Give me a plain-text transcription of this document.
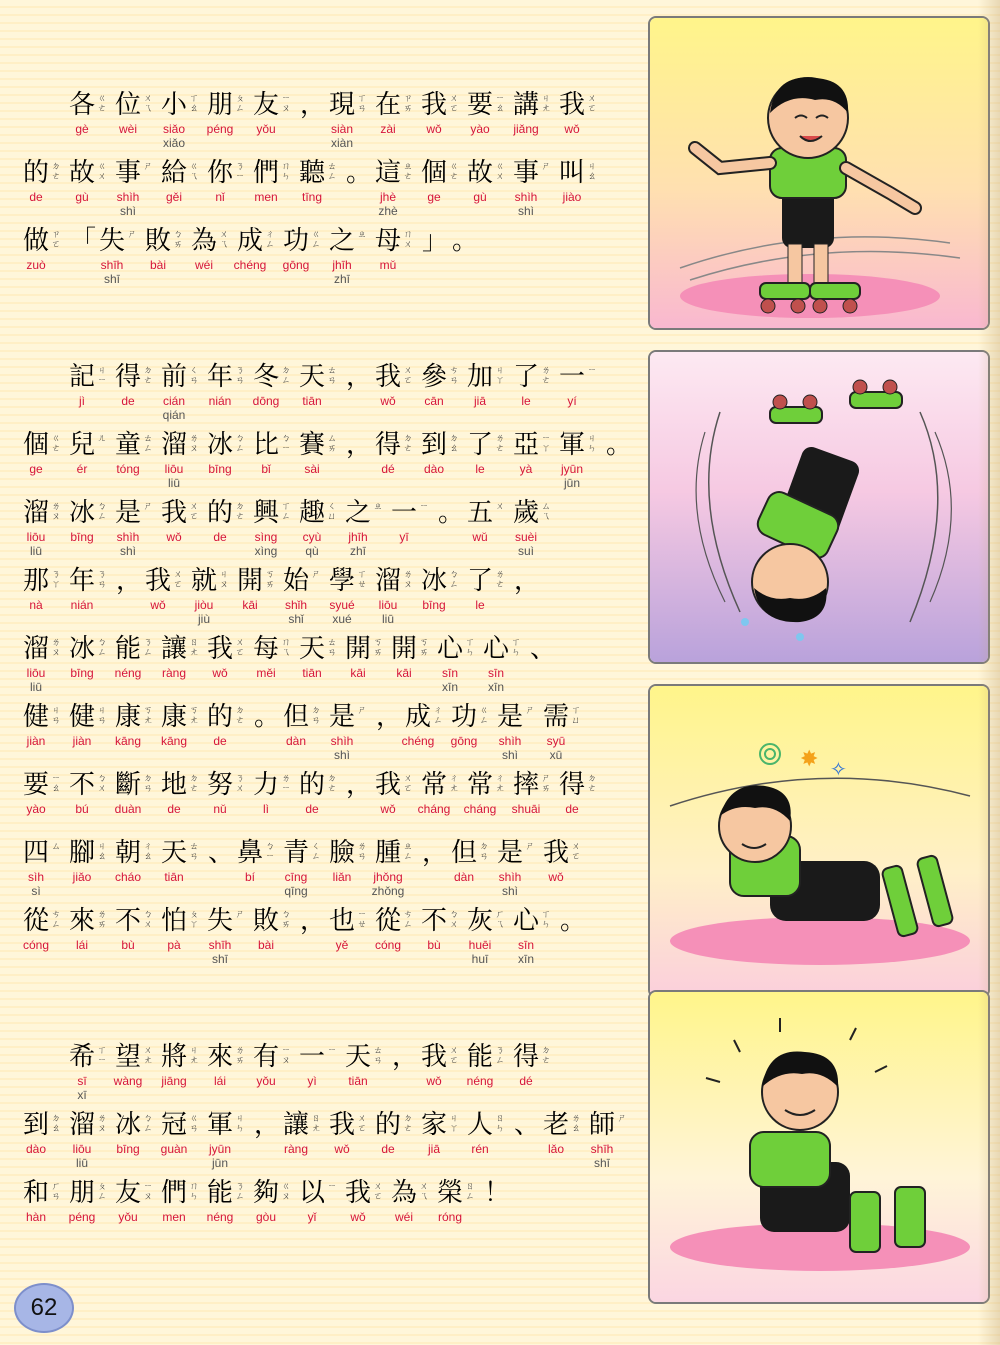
各 ㄍ
ㄜ
gè
位 ㄨ
ㄟ
wèi
小 ㄒ
ㄠ
siǎo
xiǎo
朋 ㄆ
ㄥ
péng
友 ㄧ
ㄡ
yǒu
， 現 ㄒ
ㄢ
siàn
xiàn
在 ㄗ
ㄞ
zài
我 ㄨ
ㄛ
wǒ
要 ㄧ
ㄠ
yào
講 ㄐ
ㄤ
jiǎng
我 ㄨ
ㄛ
wǒ
的 ㄉ
ㄜ
de
故 ㄍ
ㄨ
gù
事 ㄕ
shìh
shì
給 ㄍ
ㄟ
gěi
你 ㄋ
ㄧ
nǐ
們 ㄇ
ㄣ
men
聽 ㄊ
ㄥ
tīng
。 這 ㄓ
ㄜ
jhè
zhè
個 ㄍ
ㄜ
ge
故 ㄍ
ㄨ
gù
事 ㄕ
shìh
shì
叫 ㄐ
ㄠ
jiào
做 ㄗ
ㄛ
zuò
「 失 ㄕ
shīh
shī
敗 ㄅ
ㄞ
bài
為 ㄨ
ㄟ
wéi
成 ㄔ
ㄥ
chéng
功 ㄍ
ㄥ
gōng
之 ㄓ
jhīh
zhī
母 ㄇ
ㄨ
mǔ
」 。
記 ㄐ
ㄧ
jì
得 ㄉ
ㄜ
de
前 ㄑ
ㄢ
cián
qián
年 ㄋ
ㄢ
nián
冬 ㄉ
ㄥ
dōng
天 ㄊ
ㄢ
tiān
， 我 ㄨ
ㄛ
wǒ
參 ㄘ
ㄢ
cān
加 ㄐ
ㄚ
jiā
了 ㄌ
ㄜ
le
一 ㄧ
yí
個 ㄍ
ㄜ
ge
兒 ㄦ
ér
童 ㄊ
ㄥ
tóng
溜 ㄌ
ㄡ
liōu
liū
冰 ㄅ
ㄥ
bīng
比 ㄅ
ㄧ
bǐ
賽 ㄙ
ㄞ
sài
， 得 ㄉ
ㄜ
dé
到 ㄉ
ㄠ
dào
了 ㄌ
ㄜ
le
亞 ㄧ
ㄚ
yà
軍 ㄐ
ㄣ
jyūn
jūn
。
溜 ㄌ
ㄡ
liōu
liū
冰 ㄅ
ㄥ
bīng
是 ㄕ
shìh
shì
我 ㄨ
ㄛ
wǒ
的 ㄉ
ㄜ
de
興 ㄒ
ㄥ
sìng
xìng
趣 ㄑ
ㄩ
cyù
qù
之 ㄓ
jhīh
zhī
一 ㄧ
yī
。 五 ㄨ
wǔ
歲 ㄙ
ㄟ
suèi
suì
那 ㄋ
ㄚ
nà
年 ㄋ
ㄢ
nián
， 我 ㄨ
ㄛ
wǒ
就 ㄐ
ㄡ
jiòu
jiù
開 ㄎ
ㄞ
kāi
始 ㄕ
shǐh
shǐ
學 ㄒ
ㄝ
syué
xué
溜 ㄌ
ㄡ
liōu
liū
冰 ㄅ
ㄥ
bīng
了 ㄌ
ㄜ
le
，
溜 ㄌ
ㄡ
liōu
liū
冰 ㄅ
ㄥ
bīng
能 ㄋ
ㄥ
néng
讓 ㄖ
ㄤ
ràng
我 ㄨ
ㄛ
wǒ
每 ㄇ
ㄟ
měi
天 ㄊ
ㄢ
tiān
開 ㄎ
ㄞ
kāi
開 ㄎ
ㄞ
kāi
心 ㄒ
ㄣ
sīn
xīn
心 ㄒ
ㄣ
sīn
xīn
、
健 ㄐ
ㄢ
jiàn
健 ㄐ
ㄢ
jiàn
康 ㄎ
ㄤ
kāng
康 ㄎ
ㄤ
kāng
的 ㄉ
ㄜ
de
。 但 ㄉ
ㄢ
dàn
是 ㄕ
shìh
shì
， 成 ㄔ
ㄥ
chéng
功 ㄍ
ㄥ
gōng
是 ㄕ
shìh
shì
需 ㄒ
ㄩ
syū
xū
要 ㄧ
ㄠ
yào
不 ㄅ
ㄨ
bú
斷 ㄉ
ㄢ
duàn
地 ㄉ
ㄜ
de
努 ㄋ
ㄨ
nǔ
力 ㄌ
ㄧ
lì
的 ㄉ
ㄜ
de
， 我 ㄨ
ㄛ
wǒ
常 ㄔ
ㄤ
cháng
常 ㄔ
ㄤ
cháng
摔 ㄕ
ㄞ
shuāi
得 ㄉ
ㄜ
de
四 ㄙ
sìh
sì
腳 ㄐ
ㄠ
jiǎo
朝 ㄔ
ㄠ
cháo
天 ㄊ
ㄢ
tiān
、 鼻 ㄅ
ㄧ
bí
青 ㄑ
ㄥ
cīng
qīng
臉 ㄌ
ㄢ
liǎn
腫 ㄓ
ㄥ
jhǒng
zhǒng
， 但 ㄉ
ㄢ
dàn
是 ㄕ
shìh
shì
我 ㄨ
ㄛ
wǒ
從 ㄘ
ㄥ
cóng
來 ㄌ
ㄞ
lái
不 ㄅ
ㄨ
bù
怕 ㄆ
ㄚ
pà
失 ㄕ
shīh
shī
敗 ㄅ
ㄞ
bài
， 也 ㄧ
ㄝ
yě
從 ㄘ
ㄥ
cóng
不 ㄅ
ㄨ
bù
灰 ㄏ
ㄟ
huēi
huī
心 ㄒ
ㄣ
sīn
xīn
。
希 ㄒ
ㄧ
sī
xī
望 ㄨ
ㄤ
wàng
將 ㄐ
ㄤ
jiāng
來 ㄌ
ㄞ
lái
有 ㄧ
ㄡ
yǒu
一 ㄧ
yì
天 ㄊ
ㄢ
tiān
， 我 ㄨ
ㄛ
wǒ
能 ㄋ
ㄥ
néng
得 ㄉ
ㄜ
dé
到 ㄉ
ㄠ
dào
溜 ㄌ
ㄡ
liōu
liū
冰 ㄅ
ㄥ
bīng
冠 ㄍ
ㄢ
guàn
軍 ㄐ
ㄣ
jyūn
jūn
， 讓 ㄖ
ㄤ
ràng
我 ㄨ
ㄛ
wǒ
的 ㄉ
ㄜ
de
家 ㄐ
ㄚ
jiā
人 ㄖ
ㄣ
rén
、 老 ㄌ
ㄠ
lǎo
師 ㄕ
shīh
shī
和 ㄏ
ㄢ
hàn
朋 ㄆ
ㄥ
péng
友 ㄧ
ㄡ
yǒu
們 ㄇ
ㄣ
men
能 ㄋ
ㄥ
néng
夠 ㄍ
ㄡ
gòu
以 ㄧ
yǐ
我 ㄨ
ㄛ
wǒ
為 ㄨ
ㄟ
wéi
榮 ㄖ
ㄥ
róng
！
✸ ✧
62
